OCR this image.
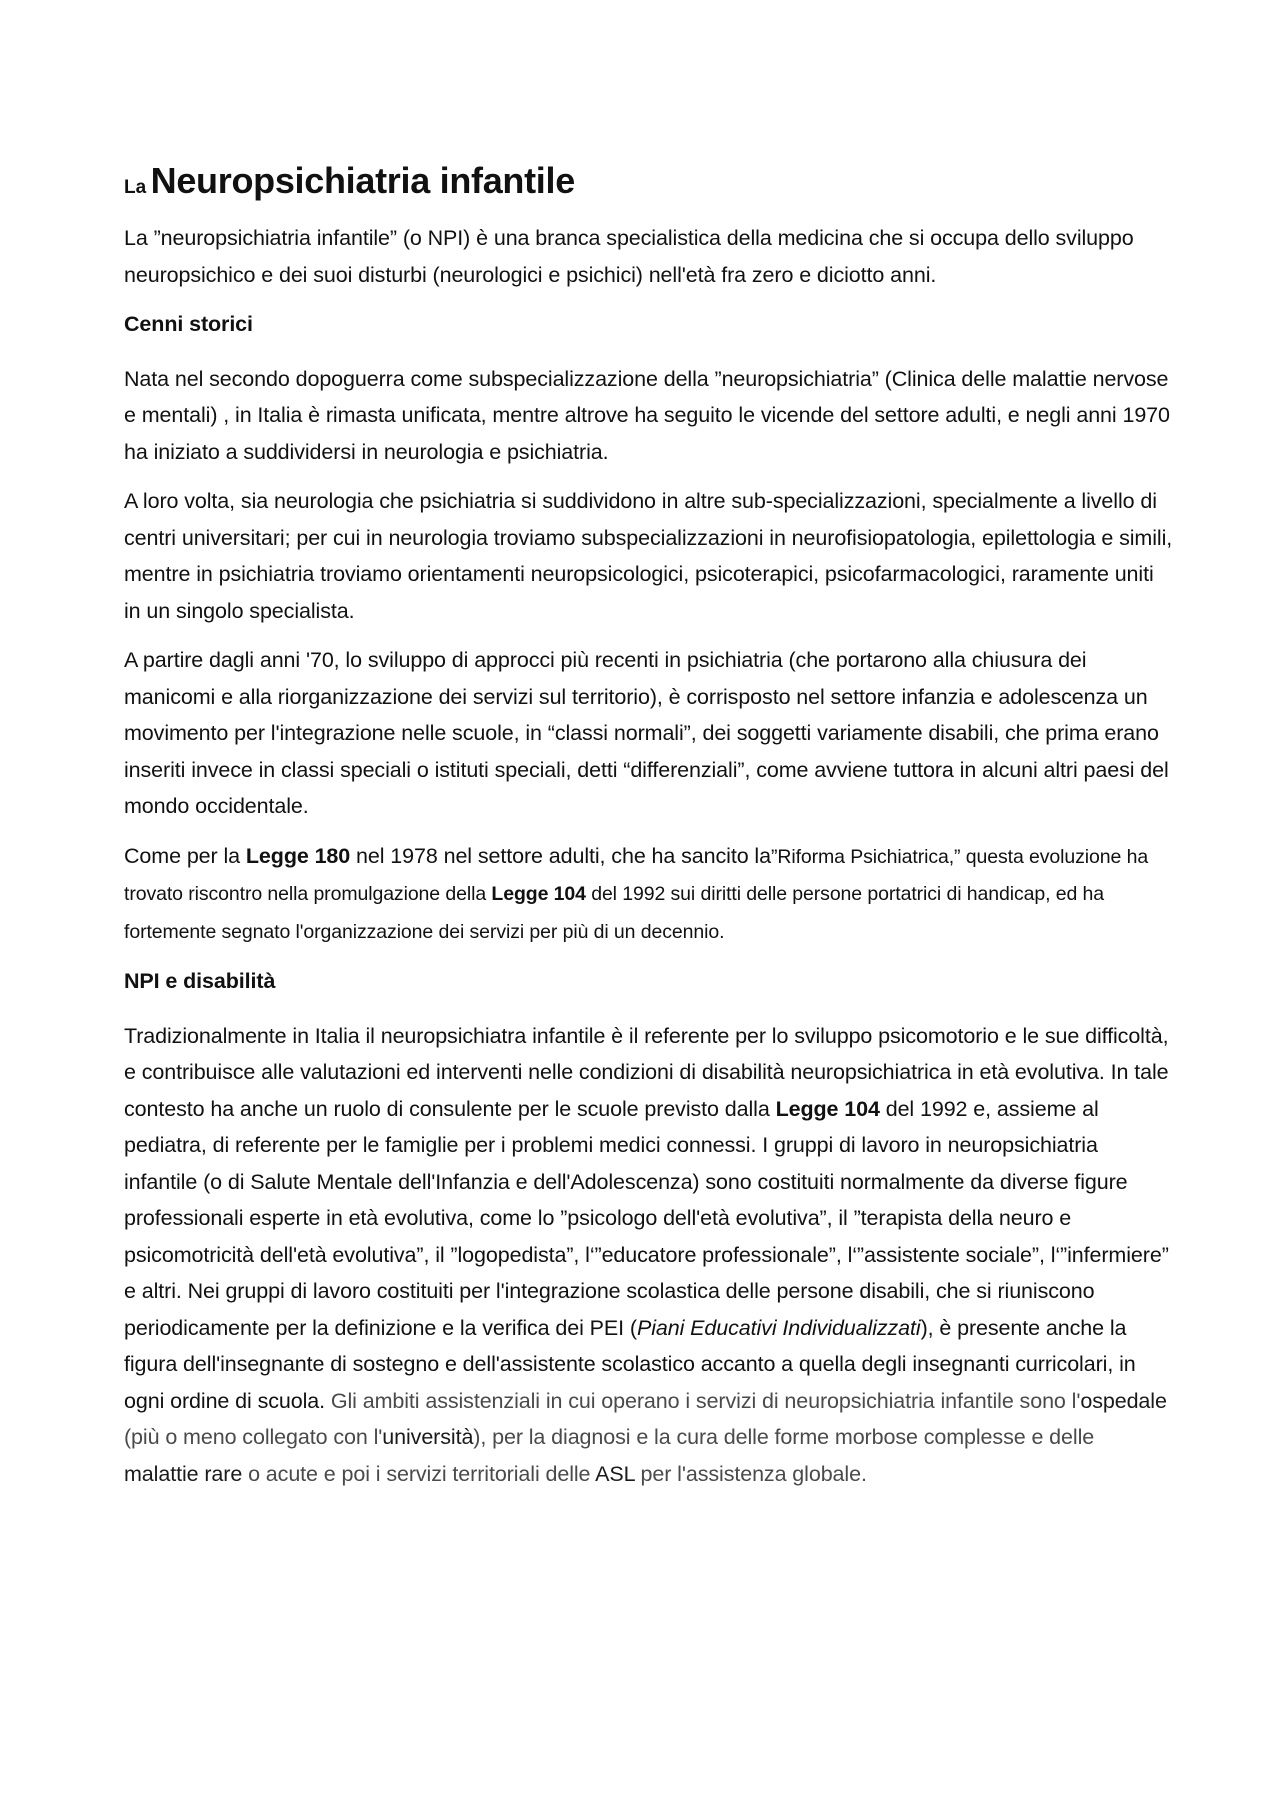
La Neuropsichiatria infantile

La ”neuropsichiatria infantile” (o NPI) è una branca specialistica della medicina che si occupa dello sviluppo neuropsichico e dei suoi disturbi (neurologici e psichici) nell'età fra zero e diciotto anni.

Cenni storici

Nata nel secondo dopoguerra come subspecializzazione della ”neuropsichiatria” (Clinica delle malattie nervose e mentali) , in Italia è rimasta unificata, mentre altrove ha seguito le vicende del settore adulti, e negli anni 1970 ha iniziato a suddividersi in neurologia e psichiatria.

A loro volta, sia neurologia che psichiatria si suddividono in altre sub-specializzazioni, specialmente a livello di centri universitari; per cui in neurologia troviamo subspecializzazioni in neurofisiopatologia, epilettologia e simili, mentre in psichiatria troviamo orientamenti neuropsicologici, psicoterapici, psicofarmacologici, raramente uniti in un singolo specialista.

A partire dagli anni '70, lo sviluppo di approcci più recenti in psichiatria (che portarono alla chiusura dei manicomi e alla riorganizzazione dei servizi sul territorio), è corrisposto nel settore infanzia e adolescenza un movimento per l'integrazione nelle scuole, in “classi normali”, dei soggetti variamente disabili, che prima erano inseriti invece in classi speciali o istituti speciali, detti “differenziali”, come avviene tuttora in alcuni altri paesi del mondo occidentale.

Come per la Legge 180 nel 1978 nel settore adulti, che ha sancito la”Riforma Psichiatrica,” questa evoluzione ha trovato riscontro nella promulgazione della Legge 104 del 1992 sui diritti delle persone portatrici di handicap, ed ha fortemente segnato l'organizzazione dei servizi per più di un decennio.

NPI e disabilità

Tradizionalmente in Italia il neuropsichiatra infantile è il referente per lo sviluppo psicomotorio e le sue difficoltà, e contribuisce alle valutazioni ed interventi nelle condizioni di disabilità neuropsichiatrica in età evolutiva. In tale contesto ha anche un ruolo di consulente per le scuole previsto dalla Legge 104 del 1992 e, assieme al pediatra, di referente per le famiglie per i problemi medici connessi. I gruppi di lavoro in neuropsichiatria infantile (o di Salute Mentale dell'Infanzia e dell'Adolescenza) sono costituiti normalmente da diverse figure professionali esperte in età evolutiva, come lo ”psicologo dell'età evolutiva”, il ”terapista della neuro e psicomotricità dell'età evolutiva”, il ”logopedista”, l‘”educatore professionale”, l‘”assistente sociale”, l‘”infermiere” e altri. Nei gruppi di lavoro costituiti per l'integrazione scolastica delle persone disabili, che si riuniscono periodicamente per la definizione e la verifica dei PEI (Piani Educativi Individualizzati), è presente anche la figura dell'insegnante di sostegno e dell'assistente scolastico accanto a quella degli insegnanti curricolari, in ogni ordine di scuola. Gli ambiti assistenziali in cui operano i servizi di neuropsichiatria infantile sono l'ospedale (più o meno collegato con l'università), per la diagnosi e la cura delle forme morbose complesse e delle malattie rare o acute e poi i servizi territoriali delle ASL per l'assistenza globale.
